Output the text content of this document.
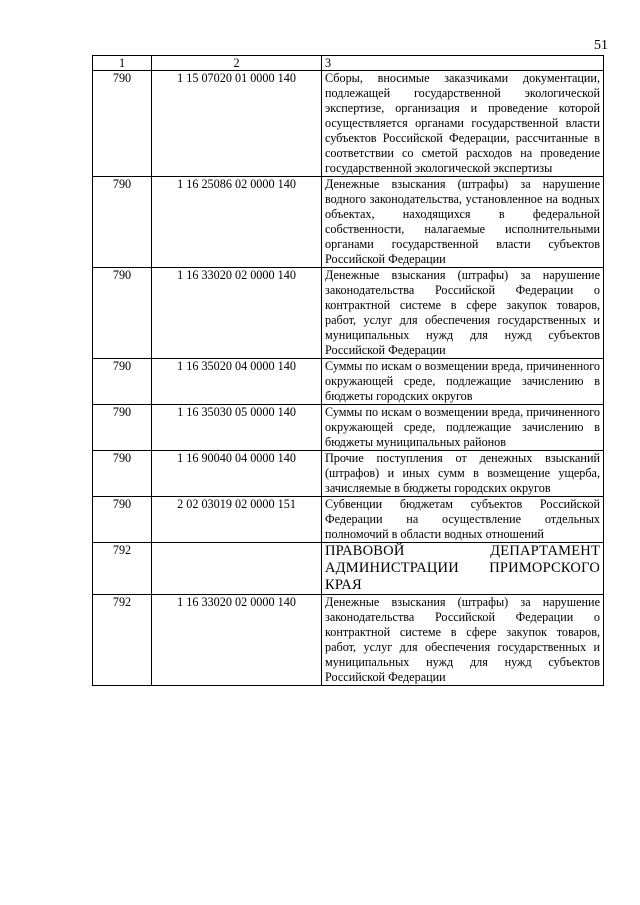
51
1	2	3
790	1 15 07020 01 0000 140	Сборы, вносимые заказчиками документации, подлежащей государственной экологической экспертизе, организация и проведение которой осуществляется органами государственной власти субъектов Российской Федерации, рассчитанные в соответствии со сметой расходов на проведение государственной экологической экспертизы
790	1 16 25086 02 0000 140	Денежные взыскания (штрафы) за нарушение водного законодательства, установленное на водных объектах, находящихся в федеральной собственности, налагаемые исполнительными органами государственной власти субъектов Российской Федерации
790	1 16 33020 02 0000 140	Денежные взыскания (штрафы) за нарушение законодательства Российской Федерации о контрактной системе в сфере закупок товаров, работ, услуг для обеспечения государственных и муниципальных нужд для нужд субъектов Российской Федерации
790	1 16 35020 04 0000 140	Суммы по искам о возмещении вреда, причиненного окружающей среде, подлежащие зачислению в бюджеты городских округов
790	1 16 35030 05 0000 140	Суммы по искам о возмещении вреда, причиненного окружающей среде, подлежащие зачислению в бюджеты муниципальных районов
790	1 16 90040 04 0000 140	Прочие поступления от денежных взысканий (штрафов) и иных сумм в возмещение ущерба, зачисляемые в бюджеты городских округов
790	2 02 03019 02 0000 151	Субвенции бюджетам субъектов Российской Федерации на осуществление отдельных полномочий в области водных отношений
792		ПРАВОВОЙ ДЕПАРТАМЕНТ АДМИНИСТРАЦИИ ПРИМОРСКОГО КРАЯ
792	1 16 33020 02 0000 140	Денежные взыскания (штрафы) за нарушение законодательства Российской Федерации о контрактной системе в сфере закупок товаров, работ, услуг для обеспечения государственных и муниципальных нужд для нужд субъектов Российской Федерации
